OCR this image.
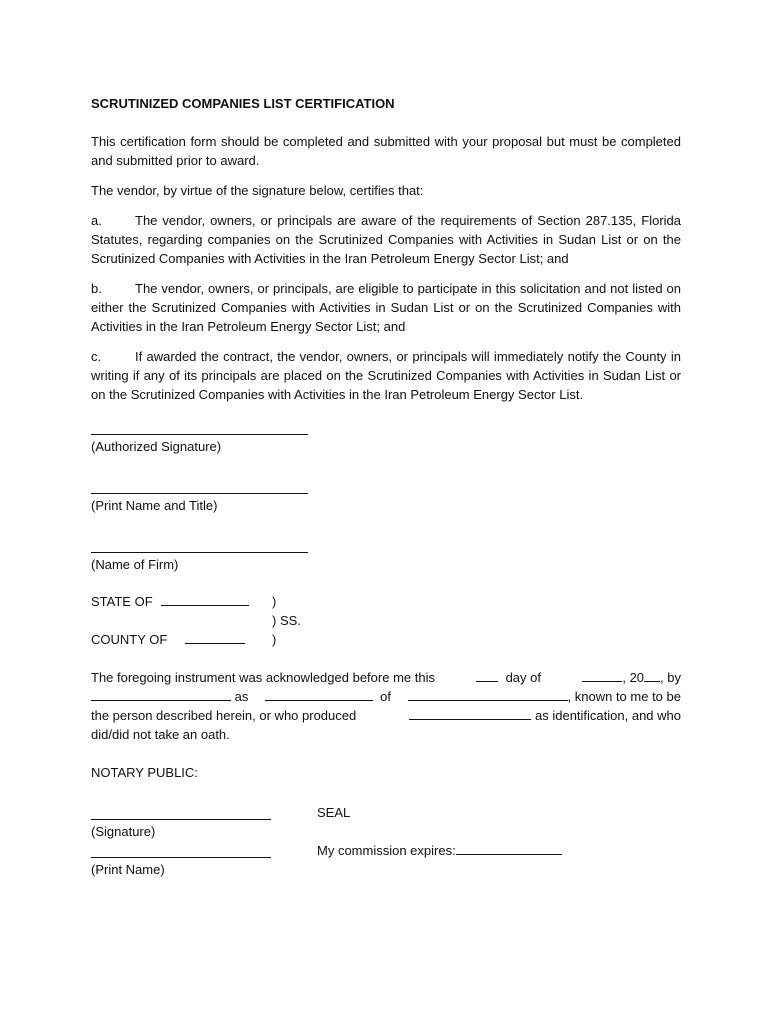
SCRUTINIZED COMPANIES LIST CERTIFICATION

This certification form should be completed and submitted with your proposal but must be completed and submitted prior to award.

The vendor, by virtue of the signature below, certifies that:

a.	The vendor, owners, or principals are aware of the requirements of Section 287.135, Florida Statutes, regarding companies on the Scrutinized Companies with Activities in Sudan List or on the Scrutinized Companies with Activities in the Iran Petroleum Energy Sector List; and

b.	The vendor, owners, or principals, are eligible to participate in this solicitation and not listed on either the Scrutinized Companies with Activities in Sudan List or on the Scrutinized Companies with Activities in the Iran Petroleum Energy Sector List; and

c.	If awarded the contract, the vendor, owners, or principals will immediately notify the County in writing if any of its principals are placed on the Scrutinized Companies with Activities in Sudan List or on the Scrutinized Companies with Activities in the Iran Petroleum Energy Sector List.

(Authorized Signature)
(Print Name and Title)
(Name of Firm)
STATE OF	)
) SS.
COUNTY OF	)
The foregoing instrument was acknowledged before me this	day of	, 20 , by
as	of	, known to me to be
the person described herein, or who produced	as identification, and who
did/did not take an oath.
NOTARY PUBLIC:
SEAL
(Signature)
My commission expires:
(Print Name)
